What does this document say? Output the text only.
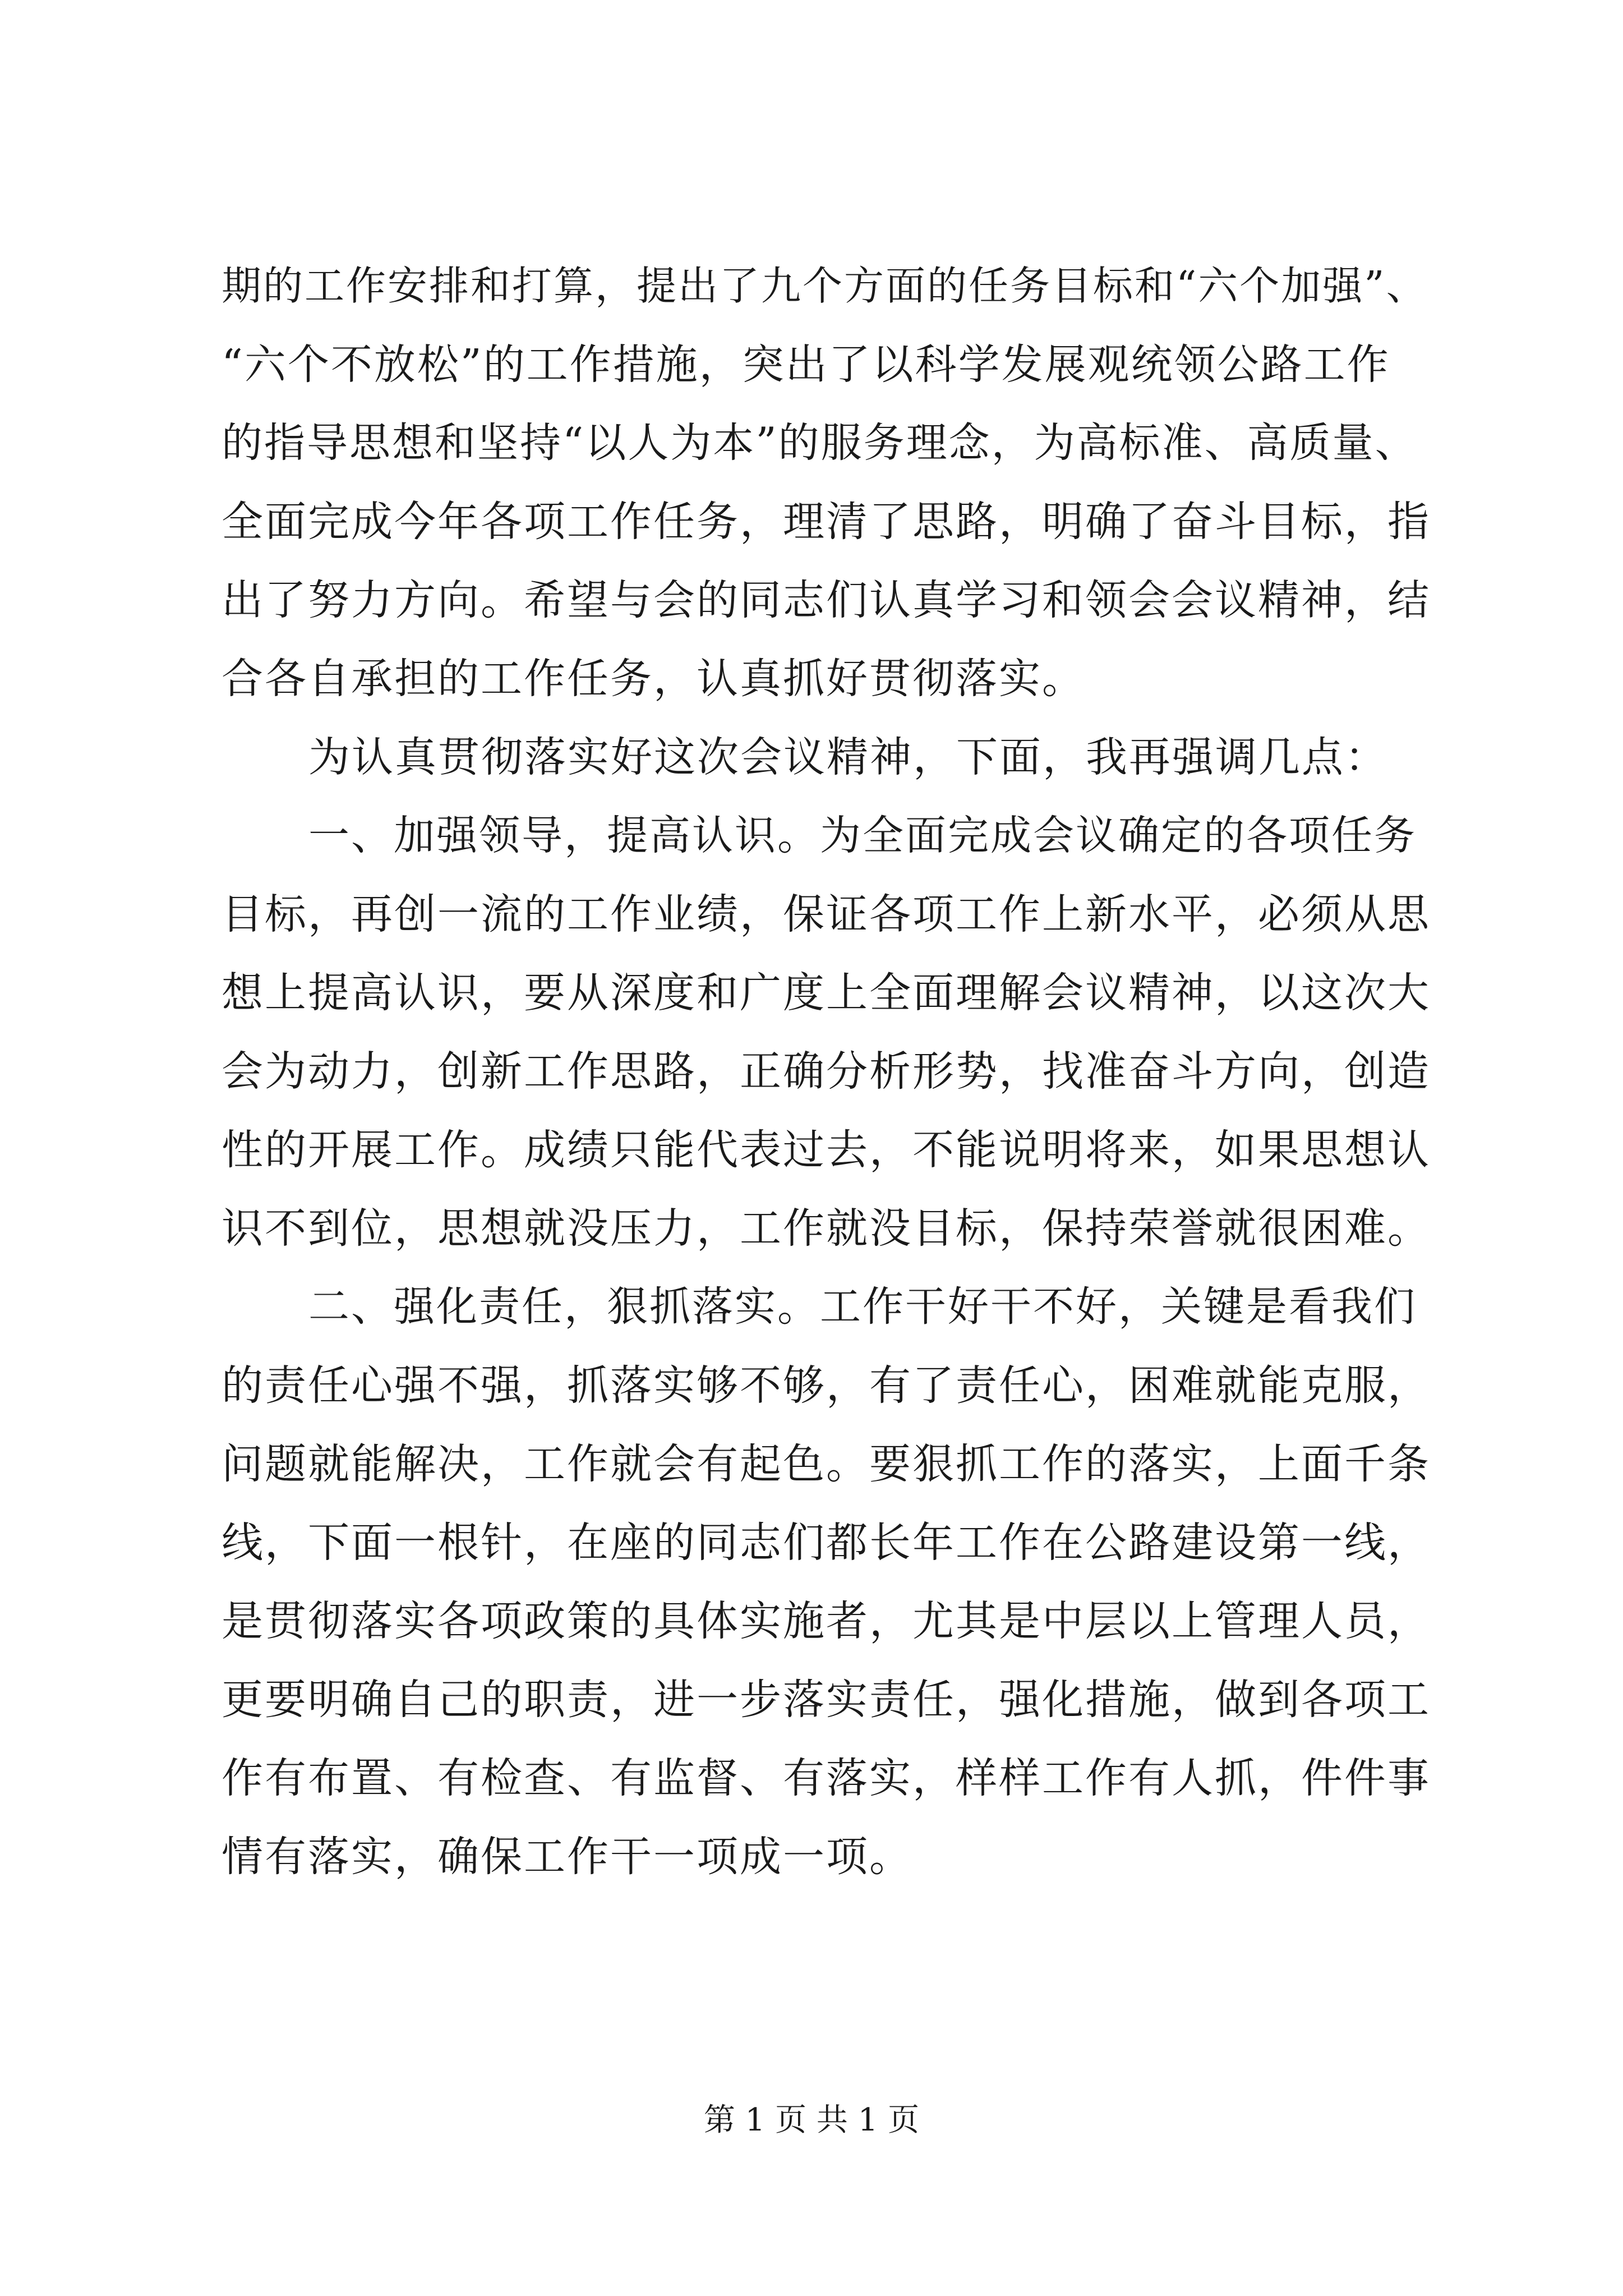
期的工作安排和打算，提出了九个方面的任务目标和“六个加强”、
“六个不放松”的工作措施，突出了以科学发展观统领公路工作
的指导思想和坚持“以人为本”的服务理念，为高标准、高质量、
全面完成今年各项工作任务，理清了思路，明确了奋斗目标，指
出了努力方向。希望与会的同志们认真学习和领会会议精神，结
合各自承担的工作任务，认真抓好贯彻落实。
为认真贯彻落实好这次会议精神，下面，我再强调几点：
一、加强领导，提高认识。为全面完成会议确定的各项任务
目标，再创一流的工作业绩，保证各项工作上新水平，必须从思
想上提高认识，要从深度和广度上全面理解会议精神，以这次大
会为动力，创新工作思路，正确分析形势，找准奋斗方向，创造
性的开展工作。成绩只能代表过去，不能说明将来，如果思想认
识不到位，思想就没压力，工作就没目标，保持荣誉就很困难。
二、强化责任，狠抓落实。工作干好干不好，关键是看我们
的责任心强不强，抓落实够不够，有了责任心，困难就能克服，
问题就能解决，工作就会有起色。要狠抓工作的落实，上面千条
线，下面一根针，在座的同志们都长年工作在公路建设第一线，
是贯彻落实各项政策的具体实施者，尤其是中层以上管理人员，
更要明确自己的职责，进一步落实责任，强化措施，做到各项工
作有布置、有检查、有监督、有落实，样样工作有人抓，件件事
情有落实，确保工作干一项成一项。
第 1 页 共 1 页
